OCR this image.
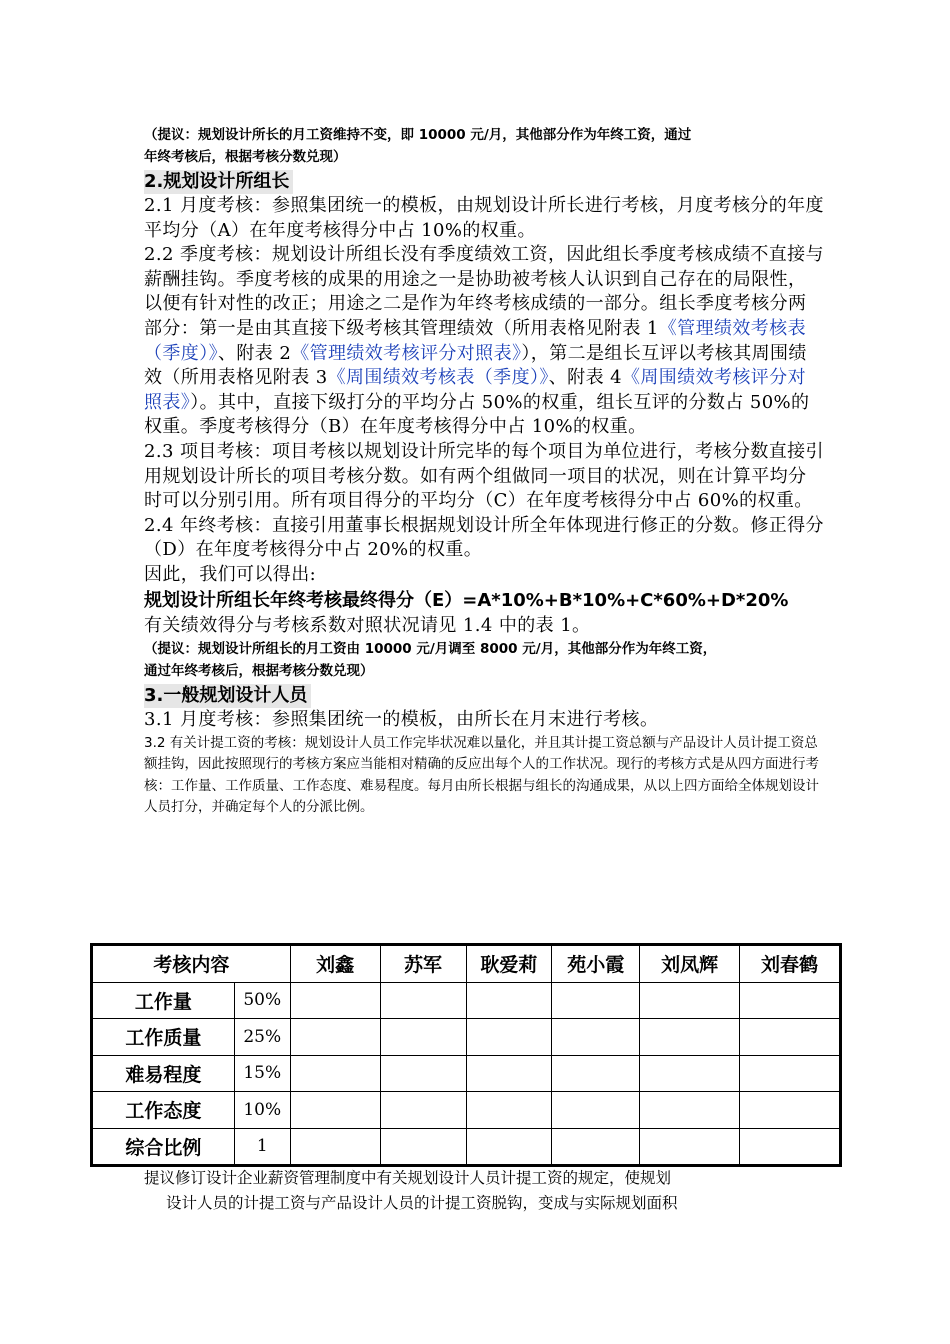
（提议：规划设计所长的月工资维持不变，即 10000 元/月，其他部分作为年终工资，通过
年终考核后，根据考核分数兑现）

2.规划设计所组长

2.1 月度考核：参照集团统一的模板，由规划设计所长进行考核，月度考核分的年度平均分（A）在年度考核得分中占 10%的权重。

2.2 季度考核：规划设计所组长没有季度绩效工资，因此组长季度考核成绩不直接与薪酬挂钩。季度考核的成果的用途之一是协助被考核人认识到自己存在的局限性，以便有针对性的改正；用途之二是作为年终考核成绩的一部分。组长季度考核分两部分：第一是由其直接下级考核其管理绩效（所用表格见附表 1《管理绩效考核表（季度）》、附表 2《管理绩效考核评分对照表》），第二是组长互评以考核其周围绩效（所用表格见附表 3《周围绩效考核表（季度）》、附表 4《周围绩效考核评分对照表》）。其中，直接下级打分的平均分占 50%的权重，组长互评的分数占 50%的权重。季度考核得分（B）在年度考核得分中占 10%的权重。

2.3 项目考核：项目考核以规划设计所完毕的每个项目为单位进行，考核分数直接引用规划设计所长的项目考核分数。如有两个组做同一项目的状况，则在计算平均分时可以分别引用。所有项目得分的平均分（C）在年度考核得分中占 60%的权重。

2.4 年终考核：直接引用董事长根据规划设计所全年体现进行修正的分数。修正得分（D）在年度考核得分中占 20%的权重。

因此，我们可以得出:

规划设计所组长年终考核最终得分（E）=A*10%+B*10%+C*60%+D*20%

有关绩效得分与考核系数对照状况请见 1.4 中的表 1。

（提议：规划设计所组长的月工资由 10000 元/月调至 8000 元/月，其他部分作为年终工资，
通过年终考核后，根据考核分数兑现）

3.一般规划设计人员

3.1 月度考核：参照集团统一的模板，由所长在月末进行考核。

3.2 有关计提工资的考核：规划设计人员工作完毕状况难以量化，并且其计提工资总额与产品设计人员计提工资总额挂钩，因此按照现行的考核方案应当能相对精确的反应出每个人的工作状况。现行的考核方式是从四方面进行考核：工作量、工作质量、工作态度、难易程度。每月由所长根据与组长的沟通成果，从以上四方面给全体规划设计人员打分，并确定每个人的分派比例。

考核内容		刘鑫	苏军	耿爱莉	苑小霞	刘凤辉	刘春鹤
工作量	50%						
工作质量	25%						
难易程度	15%						
工作态度	10%						
综合比例	1						

提议修订设计企业薪资管理制度中有关规划设计人员计提工资的规定，使规划
设计人员的计提工资与产品设计人员的计提工资脱钩，变成与实际规划面积
